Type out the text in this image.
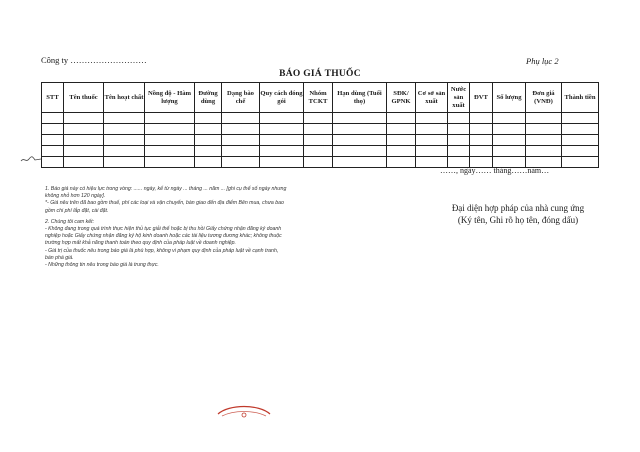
Công ty ………………………	Phụ lục 2
BÁO GIÁ THUỐC
STT	Tên thuốc	Tên hoạt chất	Nồng độ - Hàm lượng	Đường dùng	Dạng bào chế	Quy cách đóng gói	Nhóm TCKT	Hạn dùng (Tuổi thọ)	SĐK/ GPNK	Cơ sở sản xuất	Nước sản xuất	ĐVT	Số lượng	Đơn giá (VNĐ)	Thành tiền

……, ngày…… tháng……năm…
1. Báo giá này có hiệu lực trong vòng: ...... ngày, kể từ ngày ... tháng ... năm ... [ghi cụ thể số ngày nhưng
không nhỏ hơn 120 ngày].
*- Giá nêu trên đã bao gồm thuế, phí các loại và vận chuyển, bàn giao đến địa điểm Bên mua, chưa bao
gồm chi phí lắp đặt, cài đặt.
2. Chúng tôi cam kết:
- Không đang trong quá trình thực hiện thủ tục giải thể hoặc bị thu hồi Giấy chứng nhận đăng ký doanh
nghiệp hoặc Giấy chứng nhận đăng ký hộ kinh doanh hoặc các tài liệu tương đương khác; không thuộc
trường hợp mất khả năng thanh toán theo quy định của pháp luật về doanh nghiệp.
- Giá trị của thuốc nêu trong báo giá là phù hợp, không vi phạm quy định của pháp luật về cạnh tranh,
bán phá giá.
- Những thông tin nêu trong báo giá là trung thực.
Đại diện hợp pháp của nhà cung ứng
(Ký tên, Ghi rõ họ tên, đóng dấu)
